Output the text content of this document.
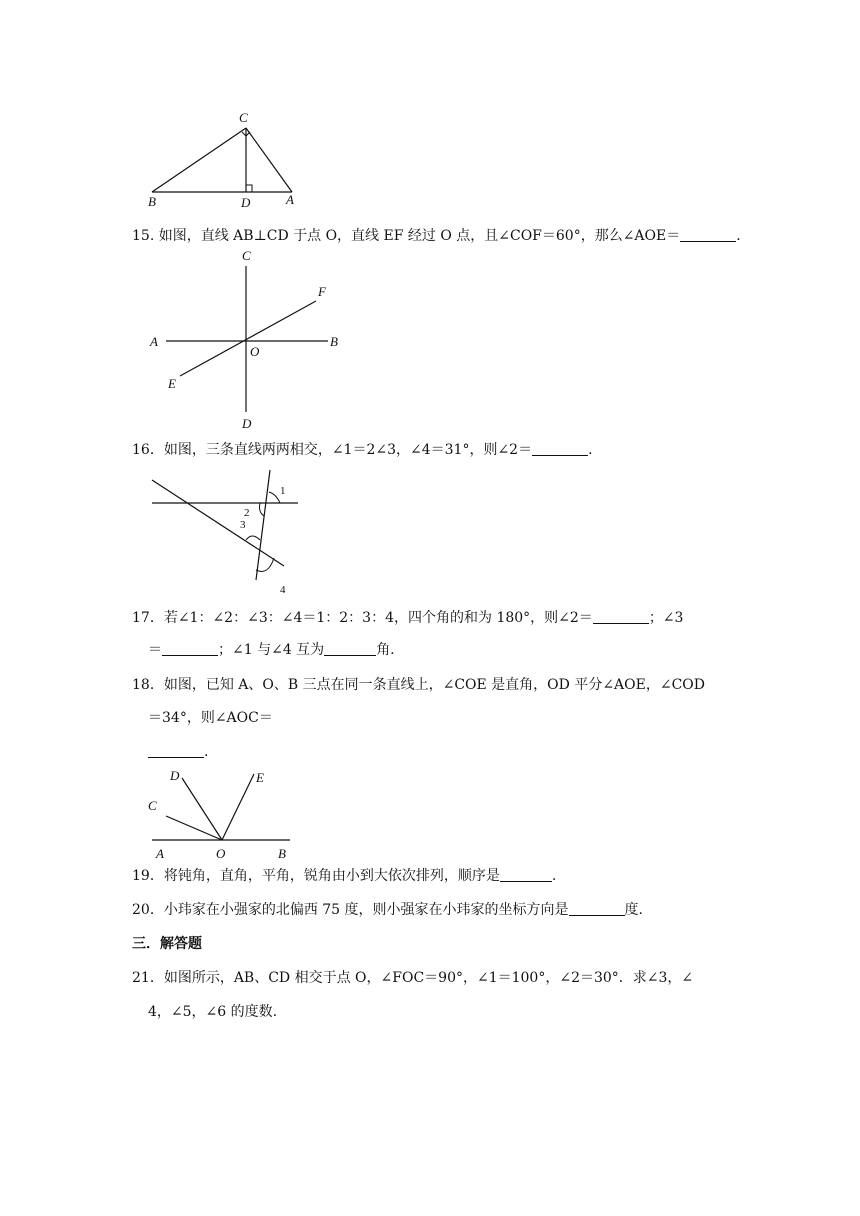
C
B	D	A
15. 如图，直线 AB⊥CD 于点 O，直线 EF 经过 O 点，且∠COF＝60°，那么∠AOE＝	.
C
F
A
O
B
E
D
16．如图，三条直线两两相交，∠1＝2∠3，∠4＝31°，则∠2＝	.
1
2
3
4
17．若∠1：∠2：∠3：∠4＝1：2：3：4，四个角的和为 180°，则∠2＝	；∠3
＝	；∠1 与∠4 互为	角.
18．如图，已知 A、O、B 三点在同一条直线上，∠COE 是直角，OD 平分∠AOE，∠COD
＝34°，则∠AOC＝
.
D	E
C
A	O	B
19．将钝角，直角，平角，锐角由小到大依次排列，顺序是	.
20．小玮家在小强家的北偏西 75 度，则小强家在小玮家的坐标方向是	度.
三．解答题
21．如图所示，AB、CD 相交于点 O，∠FOC＝90°，∠1＝100°，∠2＝30°．求∠3，∠
4，∠5，∠6 的度数.
